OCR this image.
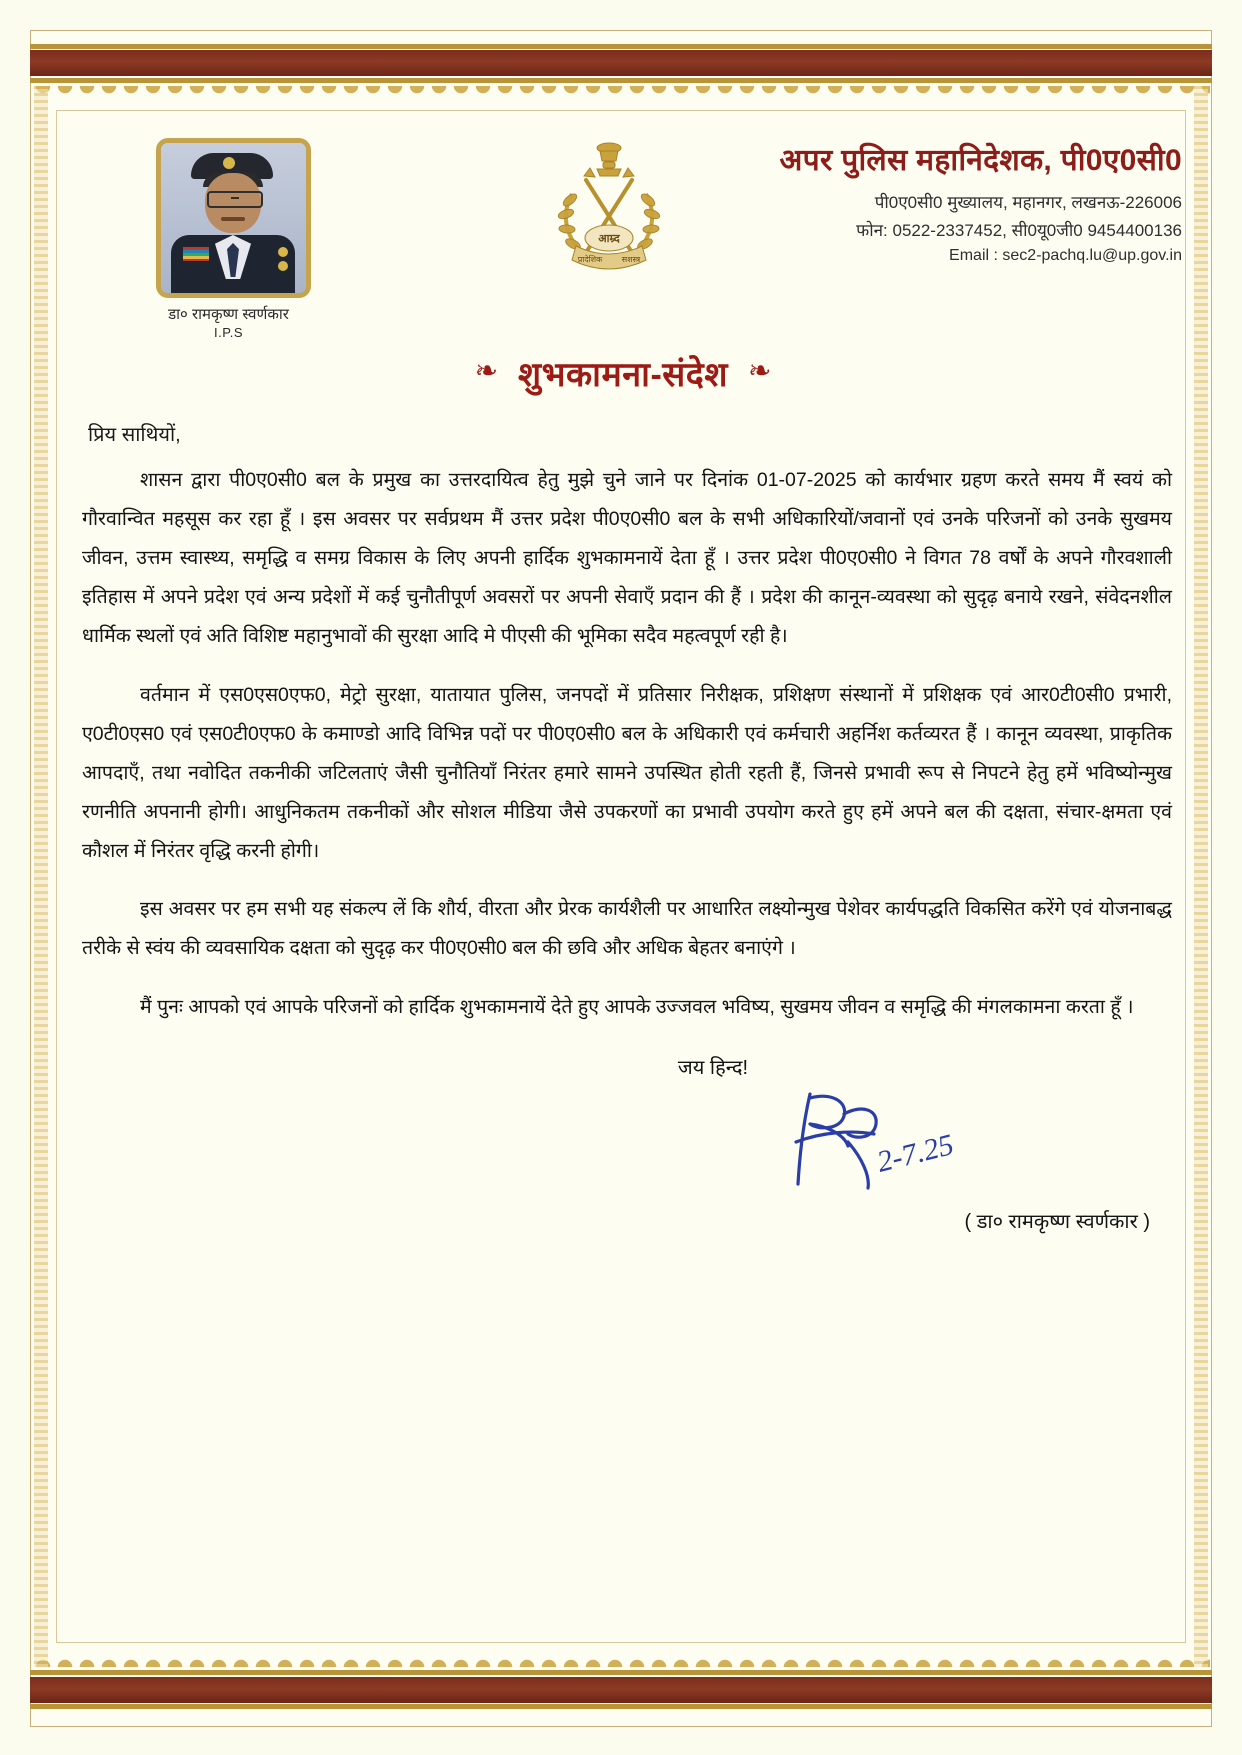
डा० रामकृष्ण स्वर्णकार
I.P.S
आम्र्द
प्रादेशिक सशस्त्र
अपर पुलिस महानिदेशक, पी0ए0सी0
पी0ए0सी0 मुख्यालय, महानगर, लखनऊ-226006
फोन: 0522-2337452, सी0यू0जी0 9454400136
Email : sec2-pachq.lu@up.gov.in
❧ शुभकामना-संदेश ❧
प्रिय साथियों,

शासन द्वारा पी0ए0सी0 बल के प्रमुख का उत्तरदायित्व हेतु मुझे चुने जाने पर दिनांक 01-07-2025 को कार्यभार ग्रहण करते समय मैं स्वयं को गौरवान्वित महसूस कर रहा हूँ । इस अवसर पर सर्वप्रथम मैं उत्तर प्रदेश पी0ए0सी0 बल के सभी अधिकारियों/जवानों एवं उनके परिजनों को उनके सुखमय जीवन, उत्तम स्वास्थ्य, समृद्धि व समग्र विकास के लिए अपनी हार्दिक शुभकामनायें देता हूँ । उत्तर प्रदेश पी0ए0सी0 ने विगत 78 वर्षों के अपने गौरवशाली इतिहास में अपने प्रदेश एवं अन्य प्रदेशों में कई चुनौतीपूर्ण अवसरों पर अपनी सेवाएँ प्रदान की हैं । प्रदेश की कानून-व्यवस्था को सुदृढ़ बनाये रखने, संवेदनशील धार्मिक स्थलों एवं अति विशिष्ट महानुभावों की सुरक्षा आदि मे पीएसी की भूमिका सदैव महत्वपूर्ण रही है।

वर्तमान में एस0एस0एफ0, मेट्रो सुरक्षा, यातायात पुलिस, जनपदों में प्रतिसार निरीक्षक, प्रशिक्षण संस्थानों में प्रशिक्षक एवं आर0टी0सी0 प्रभारी, ए0टी0एस0 एवं एस0टी0एफ0 के कमाण्डो आदि विभिन्न पदों पर पी0ए0सी0 बल के अधिकारी एवं कर्मचारी अहर्निश कर्तव्यरत हैं । कानून व्यवस्था, प्राकृतिक आपदाएँ, तथा नवोदित तकनीकी जटिलताएं जैसी चुनौतियाँ निरंतर हमारे सामने उपस्थित होती रहती हैं, जिनसे प्रभावी रूप से निपटने हेतु हमें भविष्योन्मुख रणनीति अपनानी होगी। आधुनिकतम तकनीकों और सोशल मीडिया जैसे उपकरणों का प्रभावी उपयोग करते हुए हमें अपने बल की दक्षता, संचार-क्षमता एवं कौशल में निरंतर वृद्धि करनी होगी।

इस अवसर पर हम सभी यह संकल्प लें कि शौर्य, वीरता और प्रेरक कार्यशैली पर आधारित लक्ष्योन्मुख पेशेवर कार्यपद्धति विकसित करेंगे एवं योजनाबद्ध तरीके से स्वंय की व्यवसायिक दक्षता को सुदृढ़ कर पी0ए0सी0 बल की छवि और अधिक बेहतर बनाएंगे ।

मैं पुनः आपको एवं आपके परिजनों को हार्दिक शुभकामनायें देते हुए आपके उज्जवल भविष्य, सुखमय जीवन व समृद्धि की मंगलकामना करता हूँ ।

जय हिन्द!
2-7.25
( डा० रामकृष्ण स्वर्णकार )
